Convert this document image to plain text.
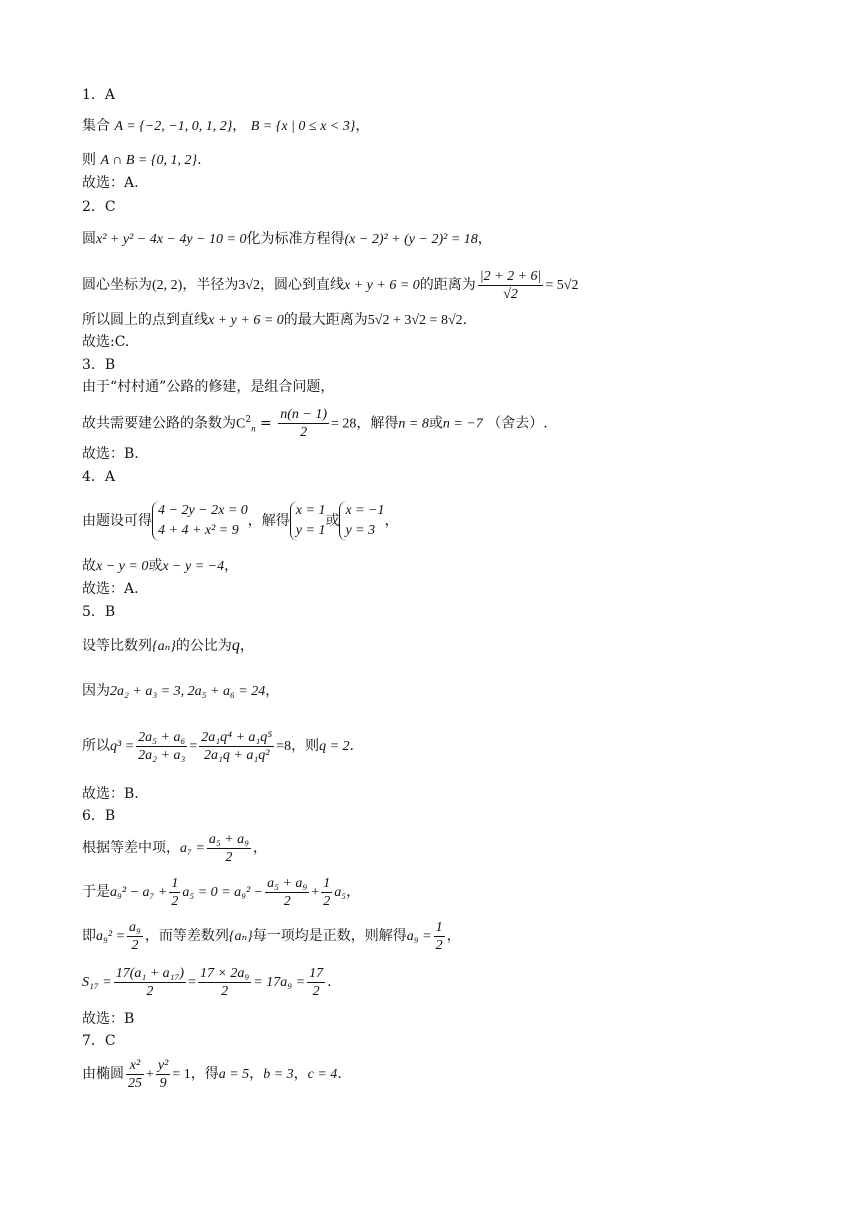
1．A
集合 A = {−2, −1, 0, 1, 2}， B = {x | 0 ≤ x < 3}，
则 A ∩ B = {0, 1, 2}.
故选：A.
2．C
圆x² + y² − 4x − 4y − 10 = 0化为标准方程得(x − 2)² + (y − 2)² = 18，
圆心坐标为(2, 2)，半径为3√2，圆心到直线x + y + 6 = 0的距离为 $\frac{|2 + 2 + 6|}{√2} = 5√2$
所以圆上的点到直线x + y + 6 = 0的最大距离为5√2 + 3√2 = 8√2.
故选:C.
3．B
由于“村村通”公路的修建，是组合问题，
故共需要建公路的条数为$C^2_n = \frac{n(n - 1)}{2} = 28$，解得n = 8或n = −7 （舍去）.
故选：B.
4．A
由题设可得
4 − 2y − 2x = 0
4 + 4 + x² = 9
，解得
x = 1
y = 1
或
x = −1
y = 3
，
故x − y = 0或x − y = −4，
故选：A.
5．B
设等比数列{aₙ}的公比为q，
因为2a₂ + a₃ = 3, 2a₅ + a₆ = 24，
所以$q^3 = \frac{\text{2a₅ + a₆}}{\text{2a₂ + a₃}} = \frac{\text{2a₁q⁴ + a₁q⁵}}{\text{2a₁q + a₁q²}} =8$，则q = 2.
故选：B.
6．B
根据等差中项，$a_7 = \frac{\text{a₅ + a₉}}{2}$ ，
于是$a_9^2 - a_7 + \frac{1}{2} a_5 = 0 = a_9^2 - \frac{\text{a₅ + a₉}}{2} + \frac{1}{2} a_5$，
即$a_9^2 = \frac{\text{a₉}}{2}$ ，而等差数列{aₙ}每一项均是正数，则解得$a_9 = \frac{1}{2}$ ，
$S_{17} = \frac{\text{17(a₁ + a₁₇)}}{2} = \frac{\text{17 × 2a₉}}{2} = 17a_9 = \frac{17}{2}$ .
故选：B
7．C
由椭圆 $\frac{\text{x²}}{25} + \frac{\text{y²}}{9} = 1$，得a = 5，b = 3，c = 4.
